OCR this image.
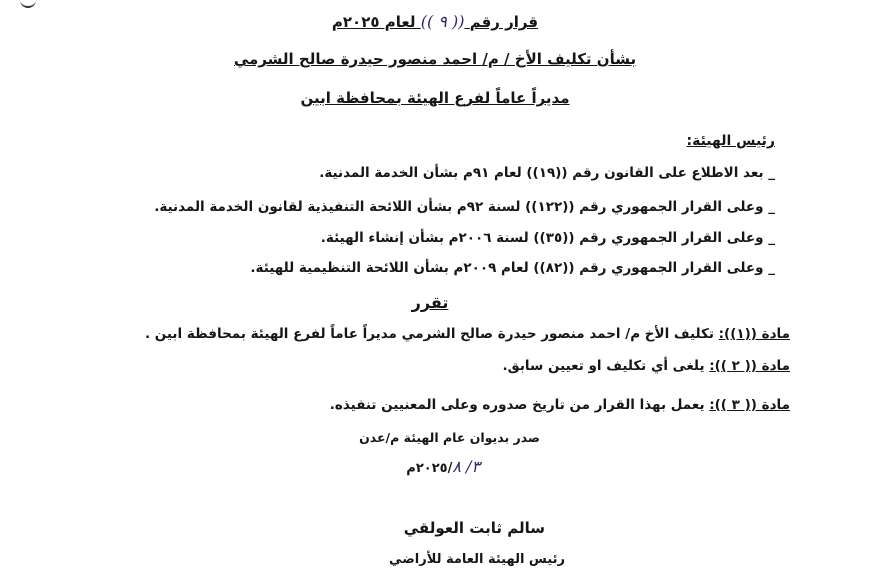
قرار رقم (( ٩ )) لعام ٢٠٢٥م
بشأن تكليف الأخ / م/ احمد منصور حيدرة صالح الشرمي
مديراً عاماً لفرع الهيئة بمحافظة ابين
رئيس الهيئة:
_ بعد الاطلاع على القانون رقم ((١٩)) لعام ٩١م بشأن الخدمة المدنية.
_ وعلى القرار الجمهوري رقم ((١٢٢)) لسنة ٩٢م بشأن اللائحة التنفيذية لقانون الخدمة المدنية.
_ وعلى القرار الجمهوري رقم ((٣٥)) لسنة ٢٠٠٦م بشأن إنشاء الهيئة.
_ وعلى القرار الجمهوري رقم ((٨٢)) لعام ٢٠٠٩م بشأن اللائحة التنظيمية للهيئة.
تقرر
مادة ((١)): تكليف الأخ م/ احمد منصور حيدرة صالح الشرمي مديراً عاماً لفرع الهيئة بمحافظة ابين .
مادة (( ٢ )): يلغى أي تكليف او تعيين سابق.
مادة (( ٣ )): يعمل بهذا القرار من تاريخ صدوره وعلى المعنيين تنفيذه.
صدر بديوان عام الهيئة م/عدن
٣/ ٨/٢٠٢٥م
سالم ثابت العولقي
رئيس الهيئة العامة للأراضي
